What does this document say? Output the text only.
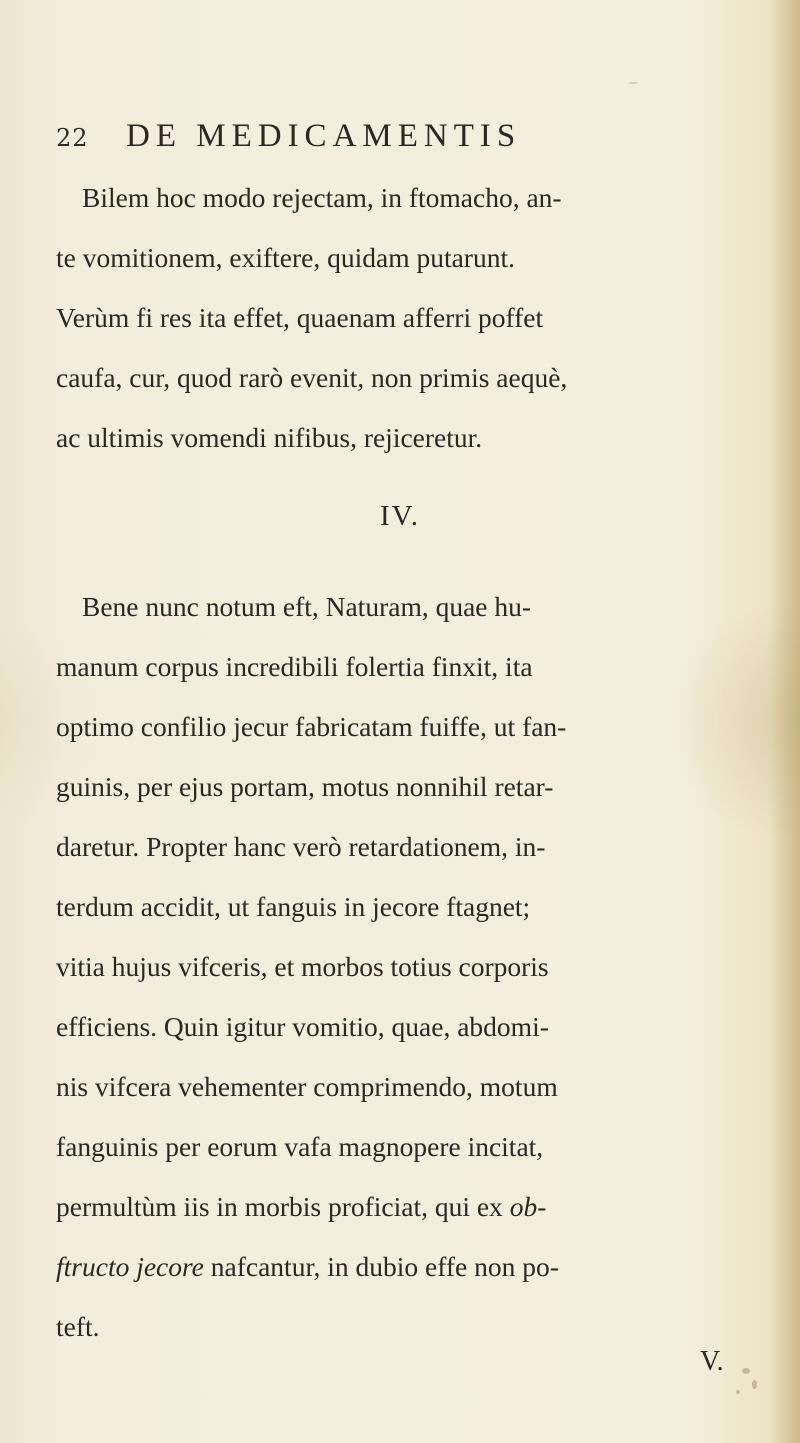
22 DE MEDICAMENTIS
Bilem hoc modo rejectam, in ftomacho, an-
te vomitionem, exiftere, quidam putarunt.
Verùm fi res ita effet, quaenam afferri poffet
caufa, cur, quod rarò evenit, non primis aequè,
ac ultimis vomendi nifibus, rejiceretur.
IV.
Bene nunc notum eft, Naturam, quae hu-
manum corpus incredibili folertia finxit, ita
optimo confilio jecur fabricatam fuiffe, ut fan-
guinis, per ejus portam, motus nonnihil retar-
daretur. Propter hanc verò retardationem, in-
terdum accidit, ut fanguis in jecore ftagnet;
vitia hujus vifceris, et morbos totius corporis
efficiens. Quin igitur vomitio, quae, abdomi-
nis vifcera vehementer comprimendo, motum
fanguinis per eorum vafa magnopere incitat,
permultùm iis in morbis proficiat, qui ex ob-
ftructo jecore nafcantur, in dubio effe non po-
teft.
V.
